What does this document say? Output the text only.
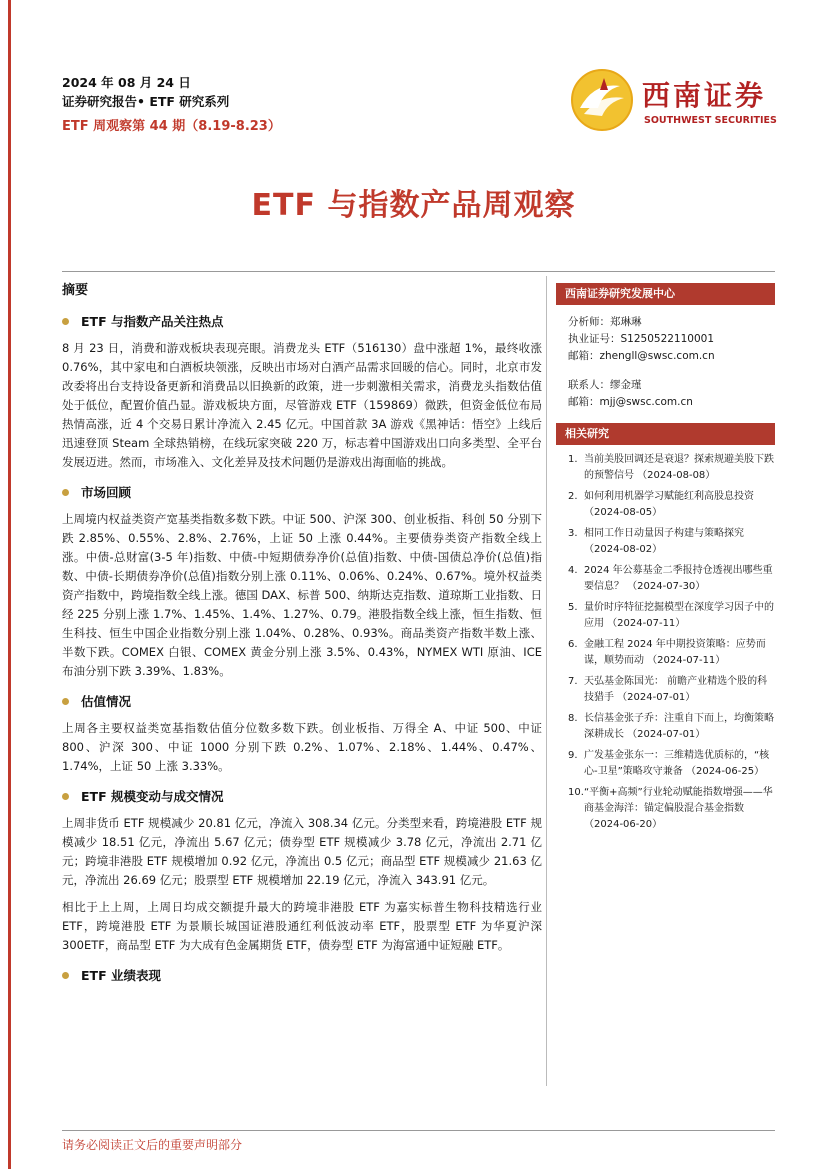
2024 年 08 月 24 日
证券研究报告• ETF 研究系列
ETF 周观察第 44 期（8.19-8.23）
西南证券
SOUTHWEST SECURITIES
ETF 与指数产品周观察
摘要
ETF 与指数产品关注热点

8 月 23 日，消费和游戏板块表现亮眼。消费龙头 ETF（516130）盘中涨超 1%，最终收涨 0.76%，其中家电和白酒板块领涨，反映出市场对白酒产品需求回暖的信心。同时，北京市发改委将出台支持设备更新和消费品以旧换新的政策，进一步刺激相关需求，消费龙头指数估值处于低位，配置价值凸显。游戏板块方面，尽管游戏 ETF（159869）微跌，但资金低位布局热情高涨，近 4 个交易日累计净流入 2.45 亿元。中国首款 3A 游戏《黑神话：悟空》上线后迅速登顶 Steam 全球热销榜，在线玩家突破 220 万，标志着中国游戏出口向多类型、全平台发展迈进。然而，市场准入、文化差异及技术问题仍是游戏出海面临的挑战。

市场回顾

上周境内权益类资产宽基类指数多数下跌。中证 500、沪深 300、创业板指、科创 50 分别下跌 2.85%、0.55%、2.8%、2.76%，上证 50 上涨 0.44%。主要债券类资产指数全线上涨。中债-总财富(3-5 年)指数、中债-中短期债券净价(总值)指数、中债-国债总净价(总值)指数、中债-长期债券净价(总值)指数分别上涨 0.11%、0.06%、0.24%、0.67%。境外权益类资产指数中，跨境指数全线上涨。德国 DAX、标普 500、纳斯达克指数、道琼斯工业指数、日经 225 分别上涨 1.7%、1.45%、1.4%、1.27%、0.79。港股指数全线上涨，恒生指数、恒生科技、恒生中国企业指数分别上涨 1.04%、0.28%、0.93%。商品类资产指数半数上涨、半数下跌。COMEX 白银、COMEX 黄金分别上涨 3.5%、0.43%，NYMEX WTI 原油、ICE 布油分别下跌 3.39%、1.83%。

估值情况

上周各主要权益类宽基指数估值分位数多数下跌。创业板指、万得全 A、中证 500、中证 800、沪深 300、中证 1000 分别下跌 0.2%、1.07%、2.18%、1.44%、0.47%、1.74%，上证 50 上涨 3.33%。

ETF 规模变动与成交情况

上周非货币 ETF 规模减少 20.81 亿元，净流入 308.34 亿元。分类型来看，跨境港股 ETF 规模减少 18.51 亿元，净流出 5.67 亿元；债券型 ETF 规模减少 3.78 亿元，净流出 2.71 亿元；跨境非港股 ETF 规模增加 0.92 亿元，净流出 0.5 亿元；商品型 ETF 规模减少 21.63 亿元，净流出 26.69 亿元；股票型 ETF 规模增加 22.19 亿元，净流入 343.91 亿元。

相比于上上周，上周日均成交额提升最大的跨境非港股 ETF 为嘉实标普生物科技精选行业 ETF，跨境港股 ETF 为景顺长城国证港股通红利低波动率 ETF，股票型 ETF 为华夏沪深 300ETF，商品型 ETF 为大成有色金属期货 ETF，债券型 ETF 为海富通中证短融 ETF。

ETF 业绩表现
西南证券研究发展中心
分析师：郑琳琳
执业证号：S1250522110001
邮箱：zhengll@swsc.com.cn
联系人：缪金瑾
邮箱：mjj@swsc.com.cn
相关研究
1. 当前美股回调还是衰退？探索规避美股下跌的预警信号 （2024-08-08）
2. 如何利用机器学习赋能红利高股息投资 （2024-08-05）
3. 相同工作日动量因子构建与策略探究 （2024-08-02）
4. 2024 年公募基金二季报持仓透视出哪些重要信息？ （2024-07-30）
5. 量价时序特征挖掘模型在深度学习因子中的应用 （2024-07-11）
6. 金融工程 2024 年中期投资策略：应势而谋，顺势而动 （2024-07-11）
7. 天弘基金陈国光： 前瞻产业精选个股的科技猎手 （2024-07-01）
8. 长信基金张子乔：注重自下而上，均衡策略深耕成长 （2024-07-01）
9. 广发基金张东一：三维精选优质标的，“核心-卫星”策略攻守兼备 （2024-06-25）
10. “平衡+高频”行业轮动赋能指数增强——华商基金海洋：锚定偏股混合基金指数 （2024-06-20）
请务必阅读正文后的重要声明部分
